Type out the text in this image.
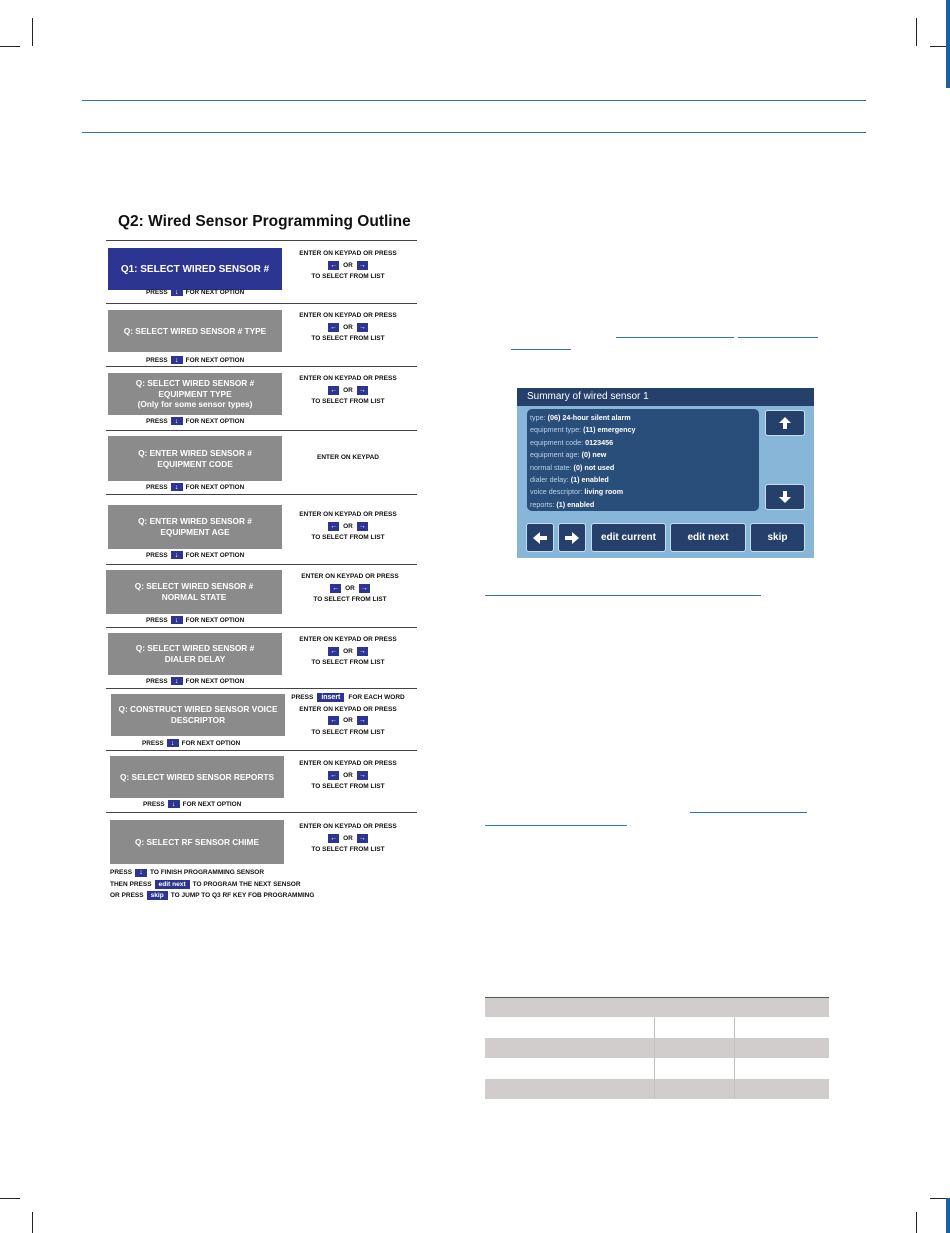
Q2: Wired Sensor Programming Outline
Q1: SELECT WIRED SENSOR #
PRESS	↓	FOR NEXT OPTION
ENTER ON KEYPAD OR PRESS
← OR →
TO SELECT FROM LIST
Q: SELECT WIRED SENSOR # TYPE
PRESS	↓	FOR NEXT OPTION
ENTER ON KEYPAD OR PRESS
← OR →
TO SELECT FROM LIST
Q: SELECT WIRED SENSOR #
EQUIPMENT TYPE
(Only for some sensor types)
PRESS	↓	FOR NEXT OPTION
ENTER ON KEYPAD OR PRESS
← OR →
TO SELECT FROM LIST
Q: ENTER WIRED SENSOR #
EQUIPMENT CODE
PRESS	↓	FOR NEXT OPTION
ENTER ON KEYPAD
Q: ENTER WIRED SENSOR #
EQUIPMENT AGE
PRESS	↓	FOR NEXT OPTION
ENTER ON KEYPAD OR PRESS
← OR →
TO SELECT FROM LIST
Q: SELECT WIRED SENSOR #
NORMAL STATE
PRESS	↓	FOR NEXT OPTION
ENTER ON KEYPAD OR PRESS
← OR →
TO SELECT FROM LIST
Q: SELECT WIRED SENSOR #
DIALER DELAY
PRESS	↓	FOR NEXT OPTION
ENTER ON KEYPAD OR PRESS
← OR →
TO SELECT FROM LIST
Q: CONSTRUCT WIRED SENSOR VOICE
DESCRIPTOR
PRESS	↓	FOR NEXT OPTION
PRESS	insert	FOR EACH WORD
ENTER ON KEYPAD OR PRESS
← OR →
TO SELECT FROM LIST
Q: SELECT WIRED SENSOR REPORTS
PRESS	↓	FOR NEXT OPTION
ENTER ON KEYPAD OR PRESS
← OR →
TO SELECT FROM LIST
Q: SELECT RF SENSOR CHIME
ENTER ON KEYPAD OR PRESS
← OR →
TO SELECT FROM LIST
PRESS	↓	TO FINISH PROGRAMMING SENSOR
THEN PRESS	edit next	TO PROGRAM THE NEXT SENSOR
OR PRESS	skip	TO JUMP TO Q3 RF KEY FOB PROGRAMMING
Summary of wired sensor 1
type: (06) 24-hour silent alarm
equipment type: (11) emergency
equipment code: 0123456
equipment age: (0) new
normal state: (0) not used
dialer delay: (1) enabled
voice descriptor: living room
reports: (1) enabled
edit current	edit next	skip
